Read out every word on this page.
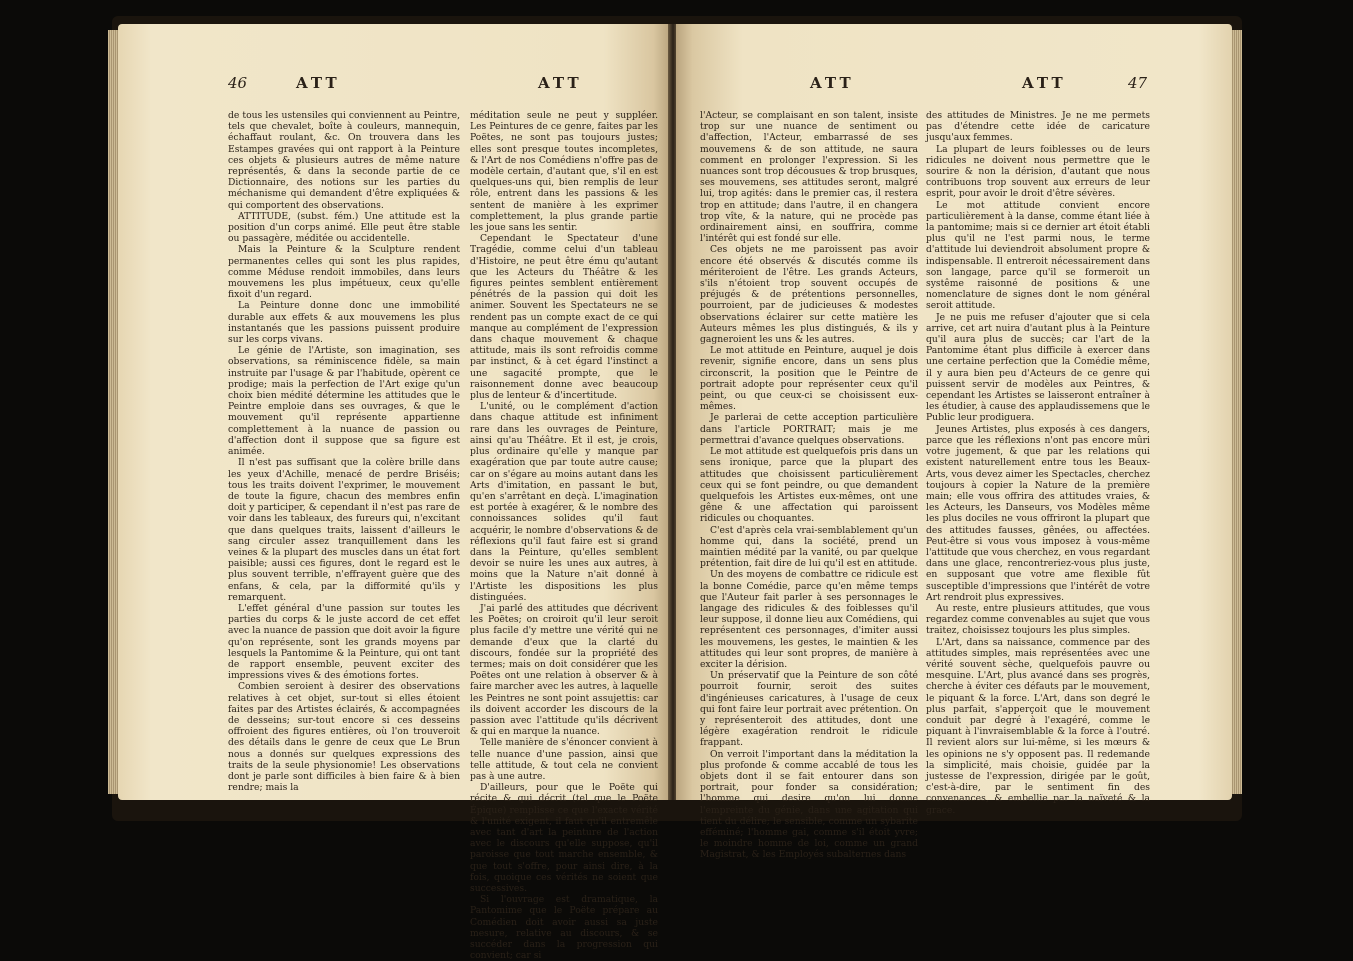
46	ATT	ATT

de tous les ustensiles qui conviennent au Peintre, tels que chevalet, boîte à couleurs, mannequin, échaffaut roulant, &c. On trouvera dans les Estampes gravées qui ont rapport à la Peinture ces objets & plusieurs autres de même nature représentés, & dans la seconde partie de ce Dictionnaire, des notions sur les parties du méchanisme qui demandent d'être expliquées & qui comportent des observations.

ATTITUDE, (subst. fém.) Une attitude est la position d'un corps animé. Elle peut être stable ou passagère, méditée ou accidentelle.

Mais la Peinture & la Sculpture rendent permanentes celles qui sont les plus rapides, comme Méduse rendoit immobiles, dans leurs mouvemens les plus impétueux, ceux qu'elle fixoit d'un regard.

La Peinture donne donc une immobilité durable aux effets & aux mouvemens les plus instantanés que les passions puissent produire sur les corps vivans.

Le génie de l'Artiste, son imagination, ses observations, sa réminiscence fidèle, sa main instruite par l'usage & par l'habitude, opèrent ce prodige; mais la perfection de l'Art exige qu'un choix bien médité détermine les attitudes que le Peintre emploie dans ses ouvrages, & que le mouvement qu'il représente appartienne complettement à la nuance de passion ou d'affection dont il suppose que sa figure est animée.

Il n'est pas suffisant que la colère brille dans les yeux d'Achille, menacé de perdre Briséis; tous les traits doivent l'exprimer, le mouvement de toute la figure, chacun des membres enfin doit y participer, & cependant il n'est pas rare de voir dans les tableaux, des fureurs qui, n'excitant que dans quelques traits, laissent d'ailleurs le sang circuler assez tranquillement dans les veines & la plupart des muscles dans un état fort paisible; aussi ces figures, dont le regard est le plus souvent terrible, n'effrayent guère que des enfans, & cela, par la difformité qu'ils y remarquent.

L'effet général d'une passion sur toutes les parties du corps & le juste accord de cet effet avec la nuance de passion que doit avoir la figure qu'on représente, sont les grands moyens par lesquels la Pantomime & la Peinture, qui ont tant de rapport ensemble, peuvent exciter des impressions vives & des émotions fortes.

Combien seroient à desirer des observations relatives à cet objet, sur-tout si elles étoient faites par des Artistes éclairés, & accompagnées de desseins; sur-tout encore si ces desseins offroient des figures entières, où l'on trouveroit des détails dans le genre de ceux que Le Brun nous a donnés sur quelques expressions des traits de la seule physionomie! Les observations dont je parle sont difficiles à bien faire & à bien rendre; mais la

méditation seule ne peut y suppléer. Les Peintures de ce genre, faites par les Poëtes, ne sont pas toujours justes; elles sont presque toutes incompletes, & l'Art de nos Comédiens n'offre pas de modèle certain, d'autant que, s'il en est quelques-uns qui, bien remplis de leur rôle, entrent dans les passions & les sentent de manière à les exprimer complettement, la plus grande partie les joue sans les sentir.

Cependant le Spectateur d'une Tragédie, comme celui d'un tableau d'Histoire, ne peut être ému qu'autant que les Acteurs du Théâtre & les figures peintes semblent entièrement pénétrés de la passion qui doit les animer. Souvent les Spectateurs ne se rendent pas un compte exact de ce qui manque au complément de l'expression dans chaque mouvement & chaque attitude, mais ils sont refroidis comme par instinct, & à cet égard l'instinct a une sagacité prompte, que le raisonnement donne avec beaucoup plus de lenteur & d'incertitude.

L'unité, ou le complément d'action dans chaque attitude est infiniment rare dans les ouvrages de Peinture, ainsi qu'au Théâtre. Et il est, je crois, plus ordinaire qu'elle y manque par exagération que par toute autre cause; car on s'égare au moins autant dans les Arts d'imitation, en passant le but, qu'en s'arrêtant en deçà. L'imagination est portée à exagérer, & le nombre des connoissances solides qu'il faut acquérir, le nombre d'observations & de réflexions qu'il faut faire est si grand dans la Peinture, qu'elles semblent devoir se nuire les unes aux autres, à moins que la Nature n'ait donné à l'Artiste les dispositions les plus distinguées.

J'ai parlé des attitudes que décrivent les Poëtes; on croiroit qu'il leur seroit plus facile d'y mettre une vérité qui ne demande d'eux que la clarté du discours, fondée sur la propriété des termes; mais on doit considérer que les Poëtes ont une relation à observer & à faire marcher avec les autres, à laquelle les Peintres ne sont point assujettis: car ils doivent accorder les discours de la passion avec l'attitude qu'ils décrivent & qui en marque la nuance.

Telle manière de s'énoncer convient à telle nuance d'une passion, ainsi que telle attitude, & tout cela ne convient pas à une autre.

D'ailleurs, pour que le Poëte qui récite & qui décrit (tel que le Poëte Épique) remplisse ce que l'exacte vérité & l'unité exigent, il faut qu'il entremêle avec tant d'art la peinture de l'action avec le discours qu'elle suppose, qu'il paroisse que tout marche ensemble, & que tout s'offre, pour ainsi dire, à la fois, quoique ces vérités ne soient que successives.

Si l'ouvrage est dramatique, la Pantomime que le Poëte prépare au Comédien doit avoir aussi sa juste mesure, relative au discours, & se succéder dans la progression qui convient; car si

ATT	ATT	47

l'Acteur, se complaisant en son talent, insiste trop sur une nuance de sentiment ou d'affection, l'Acteur, embarrassé de ses mouvemens & de son attitude, ne saura comment en prolonger l'expression. Si les nuances sont trop décousues & trop brusques, ses mouvemens, ses attitudes seront, malgré lui, trop agités: dans le premier cas, il restera trop en attitude; dans l'autre, il en changera trop vîte, & la nature, qui ne procède pas ordinairement ainsi, en souffrira, comme l'intérêt qui est fondé sur elle.

Ces objets ne me paroissent pas avoir encore été observés & discutés comme ils mériteroient de l'être. Les grands Acteurs, s'ils n'étoient trop souvent occupés de préjugés & de prétentions personnelles, pourroient, par de judicieuses & modestes observations éclairer sur cette matière les Auteurs mêmes les plus distingués, & ils y gagneroient les uns & les autres.

Le mot attitude en Peinture, auquel je dois revenir, signifie encore, dans un sens plus circonscrit, la position que le Peintre de portrait adopte pour représenter ceux qu'il peint, ou que ceux-ci se choisissent eux-mêmes.

Je parlerai de cette acception particulière dans l'article PORTRAIT; mais je me permettrai d'avance quelques observations.

Le mot attitude est quelquefois pris dans un sens ironique, parce que la plupart des attitudes que choisissent particulièrement ceux qui se font peindre, ou que demandent quelquefois les Artistes eux-mêmes, ont une gêne & une affectation qui paroissent ridicules ou choquantes.

C'est d'après cela vrai-semblablement qu'un homme qui, dans la société, prend un maintien médité par la vanité, ou par quelque prétention, fait dire de lui qu'il est en attitude.

Un des moyens de combattre ce ridicule est la bonne Comédie, parce qu'en même temps que l'Auteur fait parler à ses personnages le langage des ridicules & des foiblesses qu'il leur suppose, il donne lieu aux Comédiens, qui représentent ces personnages, d'imiter aussi les mouvemens, les gestes, le maintien & les attitudes qui leur sont propres, de manière à exciter la dérision.

Un préservatif que la Peinture de son côté pourroit fournir, seroit des suites d'ingénieuses caricatures, à l'usage de ceux qui font faire leur portrait avec prétention. On y représenteroit des attitudes, dont une légère exagération rendroit le ridicule frappant.

On verroit l'important dans la méditation la plus profonde & comme accablé de tous les objets dont il se fait entourer dans son portrait, pour fonder sa considération; l'homme qui desire qu'on lui donne l'empreinte du génie, dans une agitation qui tient du délire; le sensible, comme un sybarite efféminé; l'homme gai, comme s'il étoit yvre; le moindre homme de loi, comme un grand Magistrat, & les Employés subalternes dans

des attitudes de Ministres. Je ne me permets pas d'étendre cette idée de caricature jusqu'aux femmes.

La plupart de leurs foiblesses ou de leurs ridicules ne doivent nous permettre que le sourire & non la dérision, d'autant que nous contribuons trop souvent aux erreurs de leur esprit, pour avoir le droit d'être sévères.

Le mot attitude convient encore particulièrement à la danse, comme étant liée à la pantomime; mais si ce dernier art étoit établi plus qu'il ne l'est parmi nous, le terme d'attitude lui deviendroit absolument propre & indispensable. Il entreroit nécessairement dans son langage, parce qu'il se formeroit un systême raisonné de positions & une nomenclature de signes dont le nom général seroit attitude.

Je ne puis me refuser d'ajouter que si cela arrive, cet art nuira d'autant plus à la Peinture qu'il aura plus de succès; car l'art de la Pantomime étant plus difficile à exercer dans une certaine perfection que la Comédie même, il y aura bien peu d'Acteurs de ce genre qui puissent servir de modèles aux Peintres, & cependant les Artistes se laisseront entraîner à les étudier, à cause des applaudissemens que le Public leur prodiguera.

Jeunes Artistes, plus exposés à ces dangers, parce que les réflexions n'ont pas encore mûri votre jugement, & que par les relations qui existent naturellement entre tous les Beaux-Arts, vous devez aimer les Spectacles, cherchez toujours à copier la Nature de la première main; elle vous offrira des attitudes vraies, & les Acteurs, les Danseurs, vos Modèles même les plus dociles ne vous offriront la plupart que des attitudes fausses, gênées, ou affectées. Peut-être si vous vous imposez à vous-même l'attitude que vous cherchez, en vous regardant dans une glace, rencontreriez-vous plus juste, en supposant que votre ame flexible fût susceptible d'impressions que l'intérêt de votre Art rendroit plus expressives.

Au reste, entre plusieurs attitudes, que vous regardez comme convenables au sujet que vous traitez, choisissez toujours les plus simples.

L'Art, dans sa naissance, commence par des attitudes simples, mais représentées avec une vérité souvent sèche, quelquefois pauvre ou mesquine. L'Art, plus avancé dans ses progrès, cherche à éviter ces défauts par le mouvement, le piquant & la force. L'Art, dans son degré le plus parfait, s'apperçoit que le mouvement conduit par degré à l'exagéré, comme le piquant à l'invraisemblable & la force à l'outré. Il revient alors sur lui-même, si les mœurs & les opinions ne s'y opposent pas. Il redemande la simplicité, mais choisie, guidée par la justesse de l'expression, dirigée par le goût, c'est-à-dire, par le sentiment fin des convenances, & embellie par la naïveté & la grace.
